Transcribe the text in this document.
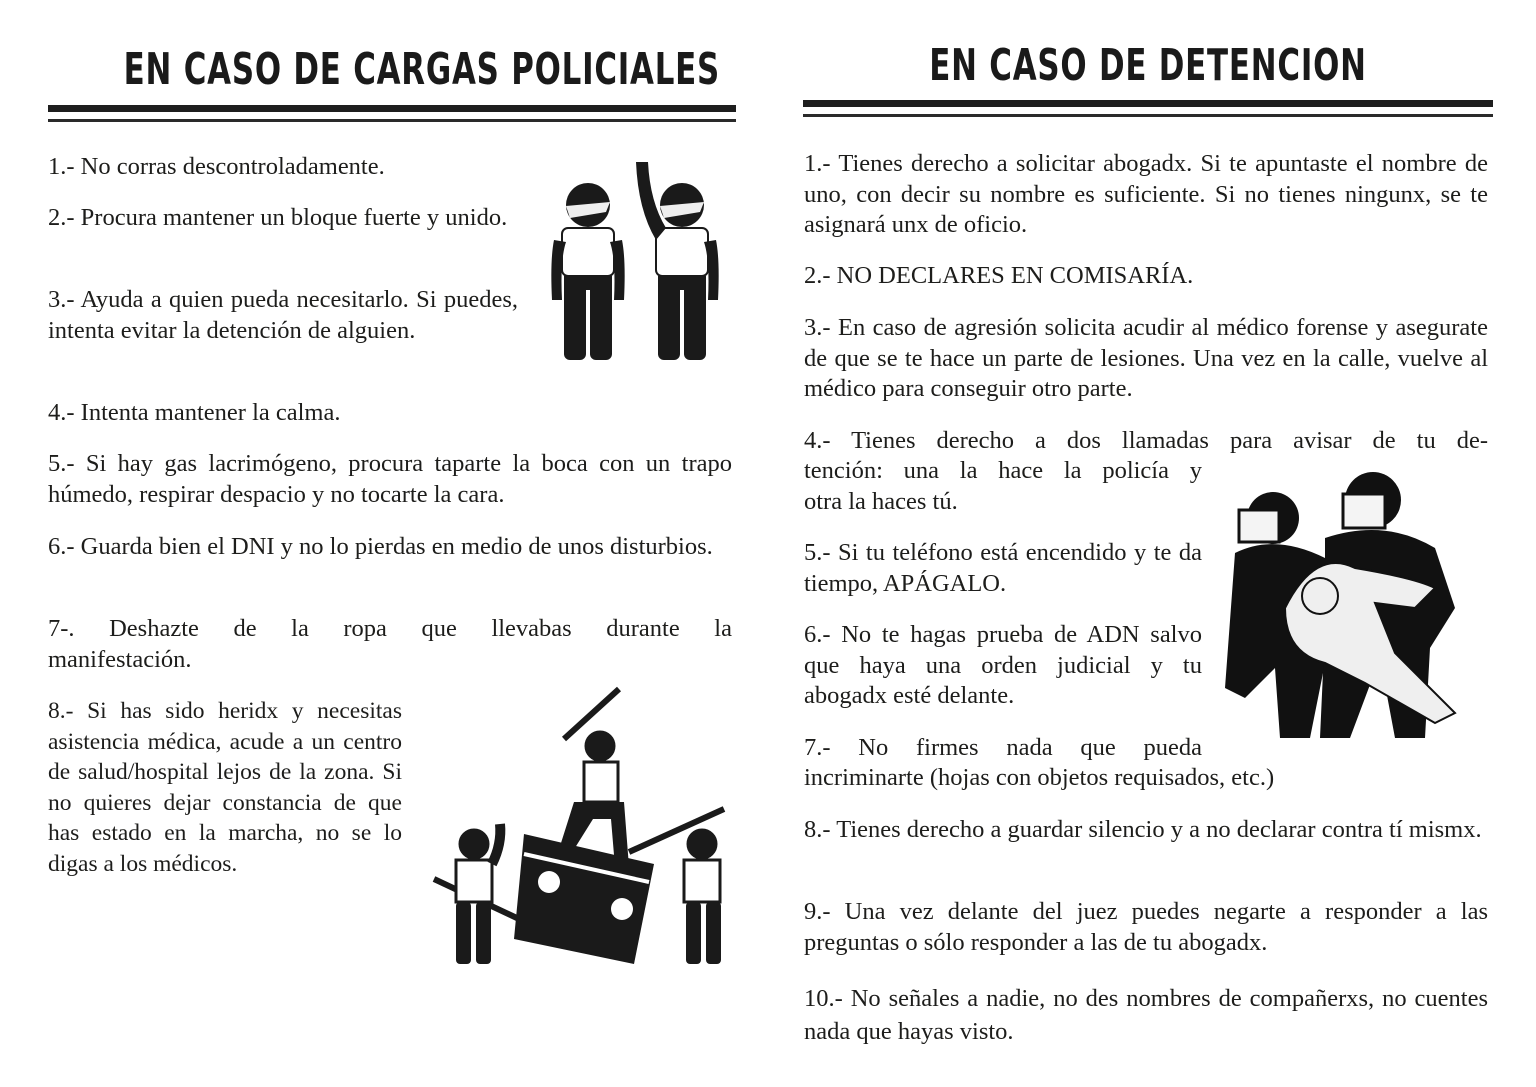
EN CASO DE CARGAS POLICIALES
1.- No corras descontroladamente.
2.- Procura mantener un bloque fuerte y unido.
3.- Ayuda a quien pueda necesitarlo. Si puedes, intenta evitar la detención de alguien.
4.- Intenta mantener la calma.
5.- Si hay gas lacrimógeno, procura taparte la boca con un trapo húmedo, respirar despacio y no tocarte la cara.
6.- Guarda bien el DNI y no lo pierdas en medio de unos disturbios.
7-. Deshazte de la ropa que llevabas durante la manifestación.
8.- Si has sido heridx y necesitas asistencia médica, acude a un centro de salud/hospital lejos de la zona. Si no quieres dejar constancia de que has estado en la marcha, no se lo digas a los médicos.
EN CASO DE DETENCION
1.- Tienes derecho a solicitar abogadx. Si te apuntaste el nombre de uno, con decir su nombre es suficiente. Si no tienes ningunx, se te asignará unx de oficio.
2.- NO DECLARES EN COMISARÍA.
3.- En caso de agresión solicita acudir al médico forense y asegurate de que se te hace un parte de lesiones. Una vez en la calle, vuelve al médico para conseguir otro parte.
4.- Tienes derecho a dos llamadas para avisar de tu de-
tención: una la hace la policía y
otra la haces tú.
5.- Si tu teléfono está encendido y te da tiempo, APÁGALO.
6.- No te hagas prueba de ADN salvo que haya una orden judicial y tu abogadx esté delante.
7.- No firmes nada que pueda
incriminarte (hojas con objetos requisados, etc.)
8.- Tienes derecho a guardar silencio y a no declarar contra tí mismx.
9.- Una vez delante del juez puedes negarte a responder a las preguntas o sólo responder a las de tu abogadx.
10.- No señales a nadie, no des nombres de compañerxs, no cuentes nada que hayas visto.
